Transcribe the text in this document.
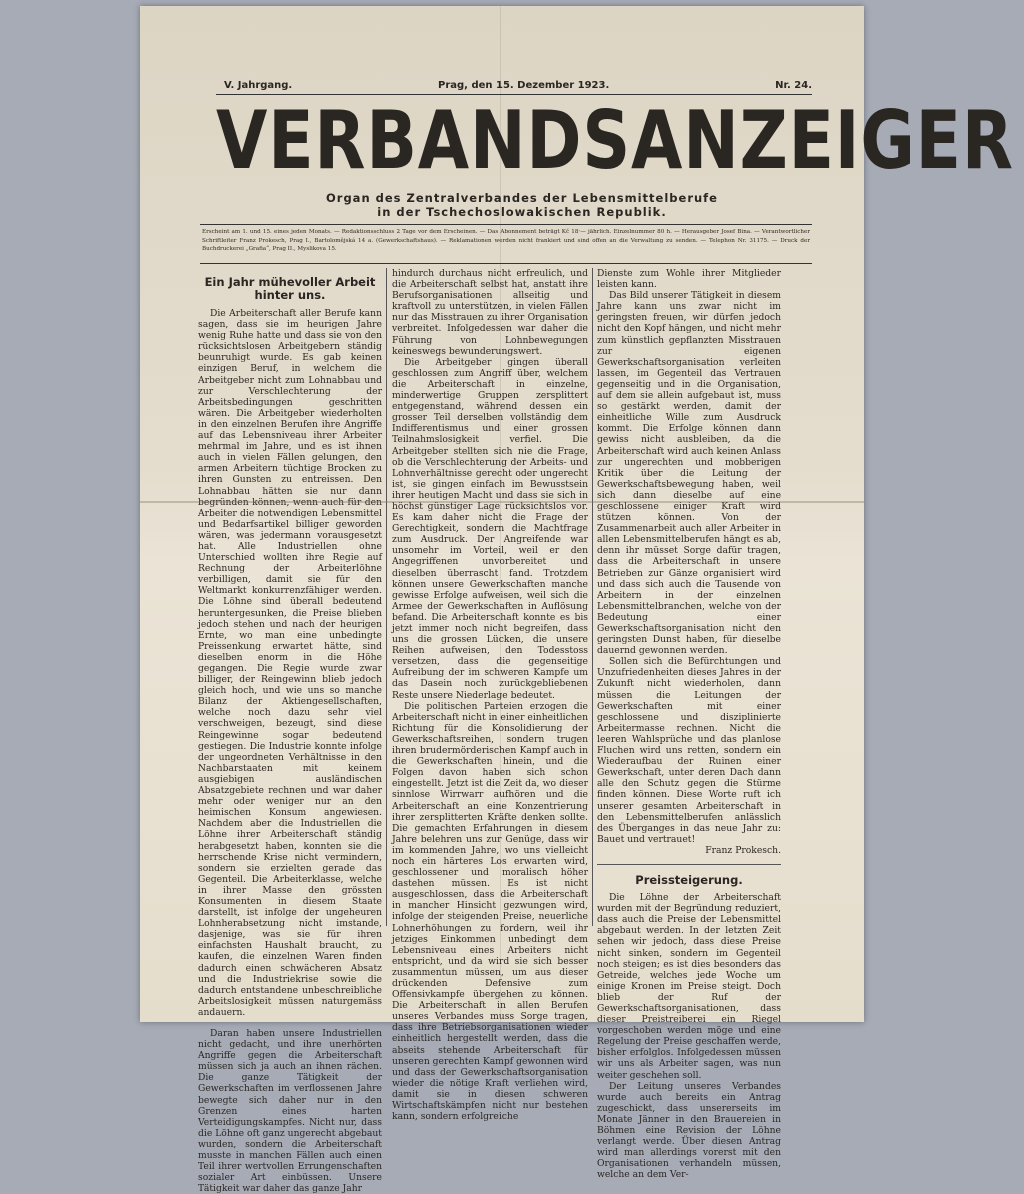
V. Jahrgang.	Prag, den 15. Dezember 1923.	Nr. 24.
VERBANDSANZEIGER
Organ des Zentralverbandes der Lebensmittelberufe
in der Tschechoslowakischen Republik.
Erscheint am 1. und 15. eines jeden Monats. — Redaktionsschluss 2 Tage vor dem Erscheinen. — Das Abonnement beträgt Kč 18·— jährlich. Einzelnummer 80 h. — Herausgeber Josef Bina. — Verantwortlicher Schriftleiter Franz Prokesch, Prag I., Bartolomějská 14 a. (Gewerkschaftshaus). — Reklamationen werden nicht frankiert und sind offen an die Verwaltung zu senden. — Telephon Nr. 31175. — Druck der Buchdruckerei „Grafia“, Prag II., Myslikova 15.
Ein Jahr mühevoller Arbeit hinter uns.

Die Arbeiterschaft aller Berufe kann sagen, dass sie im heurigen Jahre wenig Ruhe hatte und dass sie von den rücksichtslosen Arbeitgebern ständig beunruhigt wurde. Es gab keinen einzigen Beruf, in welchem die Arbeitgeber nicht zum Lohnabbau und zur Verschlechterung der Arbeitsbedingungen geschritten wären. Die Arbeitgeber wiederholten in den einzelnen Berufen ihre Angriffe auf das Lebensniveau ihrer Arbeiter mehrmal im Jahre, und es ist ihnen auch in vielen Fällen gelungen, den armen Arbeitern tüchtige Brocken zu ihren Gunsten zu entreissen. Den Lohnabbau hätten sie nur dann begründen können, wenn auch für den Arbeiter die notwendigen Lebensmittel und Bedarfsartikel billiger geworden wären, was jedermann vorausgesetzt hat. Alle Industriellen ohne Unterschied wollten ihre Regie auf Rechnung der Arbeiterlöhne verbilligen, damit sie für den Weltmarkt konkurrenzfähiger werden. Die Löhne sind überall bedeutend heruntergesunken, die Preise blieben jedoch stehen und nach der heurigen Ernte, wo man eine unbedingte Preissenkung erwartet hätte, sind dieselben enorm in die Höhe gegangen. Die Regie wurde zwar billiger, der Reingewinn blieb jedoch gleich hoch, und wie uns so manche Bilanz der Aktiengesellschaften, welche noch dazu sehr viel verschweigen, bezeugt, sind diese Reingewinne sogar bedeutend gestiegen. Die Industrie konnte infolge der ungeordneten Verhältnisse in den Nachbarstaaten mit keinem ausgiebigen ausländischen Absatzgebiete rechnen und war daher mehr oder weniger nur an den heimischen Konsum angewiesen. Nachdem aber die Industriellen die Löhne ihrer Arbeiterschaft ständig herabgesetzt haben, konnten sie die herrschende Krise nicht vermindern, sondern sie erzielten gerade das Gegenteil. Die Arbeiterklasse, welche in ihrer Masse den grössten Konsumenten in diesem Staate darstellt, ist infolge der ungeheuren Lohnherabsetzung nicht imstande, dasjenige, was sie für ihren einfachsten Haushalt braucht, zu kaufen, die einzelnen Waren finden dadurch einen schwächeren Absatz und die Industriekrise sowie die dadurch entstandene unbeschreibliche Arbeitslosigkeit müssen naturgemäss andauern.

Daran haben unsere Industriellen nicht gedacht, und ihre unerhörten Angriffe gegen die Arbeiterschaft müssen sich ja auch an ihnen rächen. Die ganze Tätigkeit der Gewerkschaften im verflossenen Jahre bewegte sich daher nur in den Grenzen eines harten Verteidigungskampfes. Nicht nur, dass die Löhne oft ganz ungerecht abgebaut wurden, sondern die Arbeiterschaft musste in manchen Fällen auch einen Teil ihrer wertvollen Errungenschaften sozialer Art einbüssen. Unsere Tätigkeit war daher das ganze Jahr

hindurch durchaus nicht erfreulich, und die Arbeiterschaft selbst hat, anstatt ihre Berufsorganisationen allseitig und kraftvoll zu unterstützen, in vielen Fällen nur das Misstrauen zu ihrer Organisation verbreitet. Infolgedessen war daher die Führung von Lohnbewegungen keineswegs bewunderungswert.

Die Arbeitgeber gingen überall geschlossen zum Angriff über, welchem die Arbeiterschaft in einzelne, minderwertige Gruppen zersplittert entgegenstand, während dessen ein grosser Teil derselben vollständig dem Indifferentismus und einer grossen Teilnahmslosigkeit verfiel. Die Arbeitgeber stellten sich nie die Frage, ob die Verschlechterung der Arbeits- und Lohnverhältnisse gerecht oder ungerecht ist, sie gingen einfach im Bewusstsein ihrer heutigen Macht und dass sie sich in höchst günstiger Lage rücksichtslos vor. Es kam daher nicht die Frage der Gerechtigkeit, sondern die Machtfrage zum Ausdruck. Der Angreifende war unsomehr im Vorteil, weil er den Angegriffenen unvorbereitet und dieselben überrascht fand. Trotzdem können unsere Gewerkschaften manche gewisse Erfolge aufweisen, weil sich die Armee der Gewerkschaften in Auflösung befand. Die Arbeiterschaft konnte es bis jetzt immer noch nicht begreifen, dass uns die grossen Lücken, die unsere Reihen aufweisen, den Todesstoss versetzen, dass die gegenseitige Aufreibung der im schweren Kampfe um das Dasein noch zurückgebliebenen Reste unsere Niederlage bedeutet.

Die politischen Parteien erzogen die Arbeiterschaft nicht in einer einheitlichen Richtung für die Konsolidierung der Gewerkschaftsreihen, sondern trugen ihren brudermörderischen Kampf auch in die Gewerkschaften hinein, und die Folgen davon haben sich schon eingestellt. Jetzt ist die Zeit da, wo dieser sinnlose Wirrwarr aufhören und die Arbeiterschaft an eine Konzentrierung ihrer zersplitterten Kräfte denken sollte. Die gemachten Erfahrungen in diesem Jahre belehren uns zur Genüge, dass wir im kommenden Jahre, wo uns vielleicht noch ein härteres Los erwarten wird, geschlossener und moralisch höher dastehen müssen. Es ist nicht ausgeschlossen, dass die Arbeiterschaft in mancher Hinsicht gezwungen wird, infolge der steigenden Preise, neuerliche Lohnerhöhungen zu fordern, weil ihr jetziges Einkommen unbedingt dem Lebensniveau eines Arbeiters nicht entspricht, und da wird sie sich besser zusammentun müssen, um aus dieser drückenden Defensive zum Offensivkampfe übergehen zu können. Die Arbeiterschaft in allen Berufen unseres Verbandes muss Sorge tragen, dass ihre Betriebsorganisationen wieder einheitlich hergestellt werden, dass die abseits stehende Arbeiterschaft für unseren gerechten Kampf gewonnen wird und dass der Gewerkschaftsorganisation wieder die nötige Kraft verliehen wird, damit sie in diesen schweren Wirtschaftskämpfen nicht nur bestehen kann, sondern erfolgreiche

Dienste zum Wohle ihrer Mitglieder leisten kann.

Das Bild unserer Tätigkeit in diesem Jahre kann uns zwar nicht im geringsten freuen, wir dürfen jedoch nicht den Kopf hängen, und nicht mehr zum künstlich gepflanzten Misstrauen zur eigenen Gewerkschaftsorganisation verleiten lassen, im Gegenteil das Vertrauen gegenseitig und in die Organisation, auf dem sie allein aufgebaut ist, muss so gestärkt werden, damit der einheitliche Wille zum Ausdruck kommt. Die Erfolge können dann gewiss nicht ausbleiben, da die Arbeiterschaft wird auch keinen Anlass zur ungerechten und mobberigen Kritik über die Leitung der Gewerkschaftsbewegung haben, weil sich dann dieselbe auf eine geschlossene einiger Kraft wird stützen können. Von der Zusammenarbeit auch aller Arbeiter in allen Lebensmittelberufen hängt es ab, denn ihr müsset Sorge dafür tragen, dass die Arbeiterschaft in unsere Betrieben zur Gänze organisiert wird und dass sich auch die Tausende von Arbeitern in der einzelnen Lebensmittelbranchen, welche von der Bedeutung einer Gewerkschaftsorganisation nicht den geringsten Dunst haben, für dieselbe dauernd gewonnen werden.

Sollen sich die Befürchtungen und Unzufriedenheiten dieses Jahres in der Zukunft nicht wiederholen, dann müssen die Leitungen der Gewerkschaften mit einer geschlossene und disziplinierte Arbeitermasse rechnen. Nicht die leeren Wahlsprüche und das planlose Fluchen wird uns retten, sondern ein Wiederaufbau der Ruinen einer Gewerkschaft, unter deren Dach dann alle den Schutz gegen die Stürme finden können. Diese Worte ruft ich unserer gesamten Arbeiterschaft in den Lebensmittelberufen anlässlich des Überganges in das neue Jahr zu: Bauet und vertrauet!

Franz Prokesch.
Preissteigerung.

Die Löhne der Arbeiterschaft wurden mit der Begründung reduziert, dass auch die Preise der Lebensmittel abgebaut werden. In der letzten Zeit sehen wir jedoch, dass diese Preise nicht sinken, sondern im Gegenteil noch steigen; es ist dies besonders das Getreide, welches jede Woche um einige Kronen im Preise steigt. Doch blieb der Ruf der Gewerkschaftsorganisationen, dass dieser Preistreiberei ein Riegel vorgeschoben werden möge und eine Regelung der Preise geschaffen werde, bisher erfolglos. Infolgedessen müssen wir uns als Arbeiter sagen, was nun weiter geschehen soll.

Der Leitung unseres Verbandes wurde auch bereits ein Antrag zugeschickt, dass unsererseits im Monate Jänner in den Brauereien in Böhmen eine Revision der Löhne verlangt werde. Über diesen Antrag wird man allerdings vorerst mit den Organisationen verhandeln müssen, welche an dem Ver-
